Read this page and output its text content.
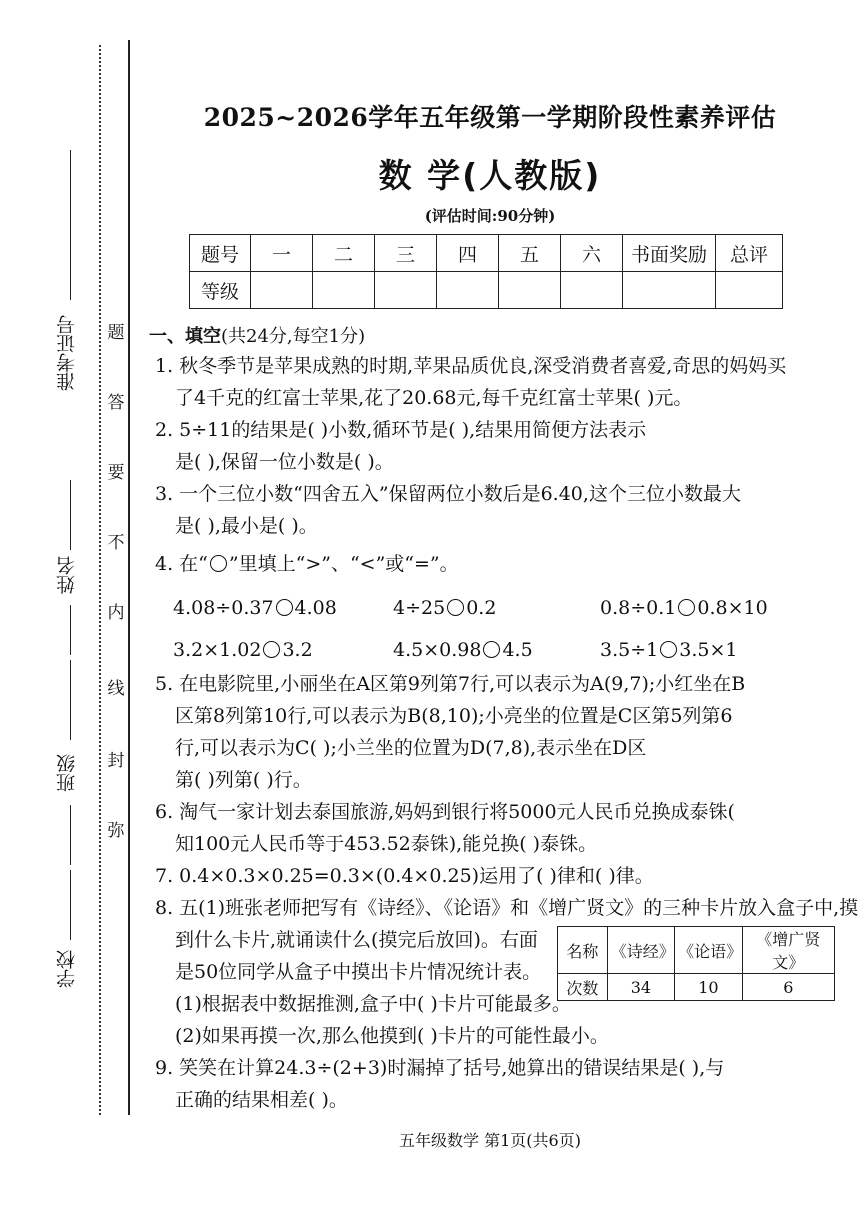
准考证号
姓名
班级
学校
题
答
要
不
内
线
封
弥
2025~2026学年五年级第一学期阶段性素养评估
数 学(人教版)
(评估时间:90分钟)
题号	一	二	三	四	五	六	书面奖励	总评
等级								
一、填空(共24分,每空1分)
1. 秋冬季节是苹果成熟的时期,苹果品质优良,深受消费者喜爱,奇思的妈妈买
了4千克的红富士苹果,花了20.68元,每千克红富士苹果( )元。
2. 5÷11的结果是( )小数,循环节是( ),结果用简便方法表示
是( ),保留一位小数是( )。
3. 一个三位小数“四舍五入”保留两位小数后是6.40,这个三位小数最大
是( ),最小是( )。
4. 在“ ”里填上“>”、“<”或“=”。
4.08÷0.37 4.08	4÷25 0.2	0.8÷0.1 0.8×10
3.2×1.02 3.2	4.5×0.98 4.5	3.5÷1 3.5×1
5. 在电影院里,小丽坐在A区第9列第7行,可以表示为A(9,7);小红坐在B
区第8列第10行,可以表示为B(8,10);小亮坐的位置是C区第5列第6
行,可以表示为C( );小兰坐的位置为D(7,8),表示坐在D区
第( )列第( )行。
6. 淘气一家计划去泰国旅游,妈妈到银行将5000元人民币兑换成泰铢(
知100元人民币等于453.52泰铢),能兑换( )泰铢。
7. 0.4×0.3×0.25=0.3×(0.4×0.25)运用了( )律和( )律。
8. 五(1)班张老师把写有《诗经》、《论语》和《增广贤文》的三种卡片放入盒子中,摸
到什么卡片,就诵读什么(摸完后放回)。右面
是50位同学从盒子中摸出卡片情况统计表。
(1)根据表中数据推测,盒子中( )卡片可能最多。
(2)如果再摸一次,那么他摸到( )卡片的可能性最小。
名称	《诗经》	《论语》	《增广贤文》
次数	34	10	6
9. 笑笑在计算24.3÷(2+3)时漏掉了括号,她算出的错误结果是( ),与
正确的结果相差( )。
五年级数学 第1页(共6页)
